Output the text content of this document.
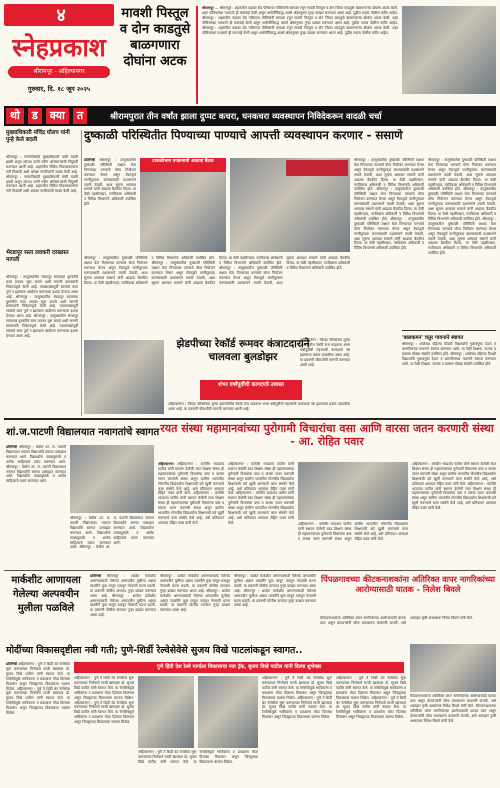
४
स्नेहप्रकाश
श्रीरामपूर - अहिल्यानगर
गुरुवार, दि. १८ जून २०२५
मावशी पिस्तूल व दोन काडतुसे बाळगणारा दोघांना अटक
श्रीरामपूर — श्रीरामपूर : शहरातील वडाळा रोड परिसरात पोलिसांनी सापळा रचून गावठी पिस्तूल व दोन जिवंत काडतुसे बाळगणाऱ्या दोघांना अटक केली. शहर पोलिसांच्या पथकाने ही कारवाई केली असून आरोपींविरुद्ध आर्म्स ॲक्टनुसार गुन्हा दाखल करण्यात आला आहे. पुढील तपास पोलीस करीत आहेत. श्रीरामपूर : शहरातील वडाळा रोड परिसरात पोलिसांनी सापळा रचून गावठी पिस्तूल व दोन जिवंत काडतुसे बाळगणाऱ्या दोघांना अटक केली. शहर पोलिसांच्या पथकाने ही कारवाई केली असून आरोपींविरुद्ध आर्म्स ॲक्टनुसार गुन्हा दाखल करण्यात आला आहे. पुढील तपास पोलीस करीत आहेत. श्रीरामपूर : शहरातील वडाळा रोड परिसरात पोलिसांनी सापळा रचून गावठी पिस्तूल व दोन जिवंत काडतुसे बाळगणाऱ्या दोघांना अटक केली. शहर पोलिसांच्या पथकाने ही कारवाई केली असून आरोपींविरुद्ध आर्म्स ॲक्टनुसार गुन्हा दाखल करण्यात आला आहे. पुढील तपास पोलीस करीत आहेत.
थो	ड	क्या	त	श्रीरामपुरात तीन वर्षांत झाला दुप्पट कचरा, घनकचरा व्यवस्थापन निविदेकरून वादळी चर्चा
मुख्याधिकारी मंचिंद्र घोलप यांनी पुन्हे केले बदली
श्रीरामपूर : नगरपरिषदेचे मुख्याधिकारी यांची बदली झाली असून त्यांच्या जागी नवीन अधिकाऱ्यांची नियुक्ती करण्यात आली आहे. शहरातील विविध विकासकामांना गती मिळावी अशी अपेक्षा नागरिकांनी व्यक्त केली आहे. श्रीरामपूर : नगरपरिषदेचे मुख्याधिकारी यांची बदली झाली असून त्यांच्या जागी नवीन अधिकाऱ्यांची नियुक्ती करण्यात आली आहे. शहरातील विविध विकासकामांना गती मिळावी अशी अपेक्षा नागरिकांनी व्यक्त केली आहे.
भेरडापूर रस्ता लवकरी दरखास्त मागली
श्रीरामपूर : तालुक्यातील भेरडापूर रस्त्याच्या दुरुस्तीचे काम लवकर सुरू करावे अशी मागणी ग्रामस्थांनी निवेदनाद्वारे केली आहे. पावसाळ्यापूर्वी रस्त्याचे काम पूर्ण न झाल्यास आंदोलन करण्याचा इशारा देण्यात आला आहे. श्रीरामपूर : तालुक्यातील भेरडापूर रस्त्याच्या दुरुस्तीचे काम लवकर सुरू करावे अशी मागणी ग्रामस्थांनी निवेदनाद्वारे केली आहे. पावसाळ्यापूर्वी रस्त्याचे काम पूर्ण न झाल्यास आंदोलन करण्याचा इशारा देण्यात आला आहे. श्रीरामपूर : तालुक्यातील भेरडापूर रस्त्याच्या दुरुस्तीचे काम लवकर सुरू करावे अशी मागणी ग्रामस्थांनी निवेदनाद्वारे केली आहे. पावसाळ्यापूर्वी रस्त्याचे काम पूर्ण न झाल्यास आंदोलन करण्याचा इशारा देण्यात आला आहे.
दुष्काळी परिस्थितीत पिण्याच्या पाण्याचे आपत्ती व्यवस्थापन करणार - ससाणे
प्रतिनिधी श्रीरामपूर : तालुक्यातील दुष्काळी परिस्थिती लक्षात घेता पिण्याच्या पाण्याचे योग्य नियोजन करण्यात येणार असून टँकरद्वारे पाणीपुरवठा करण्यासाठी प्रशासनाने तयारी ठेवावी, अशा सूचना आमदार ससाणे यांनी आढावा बैठकीत दिल्या. या वेळी तहसीलदार, गटविकास अधिकारी व विविध विभागांचे अधिकारी उपस्थित होते.
टाकळीभान उपक्रमाची आढावा बैठक	श्रीरामपूर : तालुक्यातील दुष्काळी परिस्थिती लक्षात घेता पिण्याच्या पाण्याचे योग्य नियोजन करण्यात येणार असून टँकरद्वारे पाणीपुरवठा करण्यासाठी प्रशासनाने तयारी ठेवावी, अशा सूचना आमदार ससाणे यांनी आढावा बैठकीत दिल्या. या वेळी तहसीलदार, गटविकास अधिकारी व विविध विभागांचे अधिकारी उपस्थित होते. श्रीरामपूर : तालुक्यातील दुष्काळी परिस्थिती लक्षात घेता पिण्याच्या पाण्याचे योग्य नियोजन करण्यात येणार असून टँकरद्वारे पाणीपुरवठा करण्यासाठी प्रशासनाने तयारी ठेवावी, अशा सूचना आमदार ससाणे यांनी आढावा बैठकीत दिल्या. या वेळी तहसीलदार, गटविकास अधिकारी व विविध विभागांचे अधिकारी उपस्थित होते. श्रीरामपूर : तालुक्यातील दुष्काळी परिस्थिती लक्षात घेता पिण्याच्या पाण्याचे योग्य नियोजन करण्यात येणार असून टँकरद्वारे पाणीपुरवठा करण्यासाठी प्रशासनाने तयारी ठेवावी, अशा सूचना आमदार ससाणे यांनी आढावा बैठकीत दिल्या. या वेळी तहसीलदार, गटविकास अधिकारी व विविध विभागांचे अधिकारी उपस्थित होते.
श्रीरामपूर : तालुक्यातील दुष्काळी परिस्थिती लक्षात घेता पिण्याच्या पाण्याचे योग्य नियोजन करण्यात येणार असून टँकरद्वारे पाणीपुरवठा करण्यासाठी प्रशासनाने तयारी ठेवावी, अशा सूचना आमदार ससाणे यांनी आढावा बैठकीत दिल्या. या वेळी तहसीलदार, गटविकास अधिकारी व विविध विभागांचे अधिकारी उपस्थित होते. श्रीरामपूर : तालुक्यातील दुष्काळी परिस्थिती लक्षात घेता पिण्याच्या पाण्याचे योग्य नियोजन करण्यात येणार असून टँकरद्वारे पाणीपुरवठा करण्यासाठी प्रशासनाने तयारी ठेवावी, अशा सूचना आमदार ससाणे यांनी आढावा बैठकीत दिल्या. या वेळी तहसीलदार, गटविकास अधिकारी व विविध विभागांचे अधिकारी उपस्थित होते. श्रीरामपूर : तालुक्यातील दुष्काळी परिस्थिती लक्षात घेता पिण्याच्या पाण्याचे योग्य नियोजन करण्यात येणार असून टँकरद्वारे पाणीपुरवठा करण्यासाठी प्रशासनाने तयारी ठेवावी, अशा सूचना आमदार ससाणे यांनी आढावा बैठकीत दिल्या. या वेळी तहसीलदार, गटविकास अधिकारी व विविध विभागांचे अधिकारी उपस्थित होते.
श्रीरामपूर : तालुक्यातील दुष्काळी परिस्थिती लक्षात घेता पिण्याच्या पाण्याचे योग्य नियोजन करण्यात येणार असून टँकरद्वारे पाणीपुरवठा करण्यासाठी प्रशासनाने तयारी ठेवावी, अशा सूचना आमदार ससाणे यांनी आढावा बैठकीत दिल्या. या वेळी तहसीलदार, गटविकास अधिकारी व विविध विभागांचे अधिकारी उपस्थित होते. श्रीरामपूर : तालुक्यातील दुष्काळी परिस्थिती लक्षात घेता पिण्याच्या पाण्याचे योग्य नियोजन करण्यात येणार असून टँकरद्वारे पाणीपुरवठा करण्यासाठी प्रशासनाने तयारी ठेवावी, अशा सूचना आमदार ससाणे यांनी आढावा बैठकीत दिल्या. या वेळी तहसीलदार, गटविकास अधिकारी व विविध विभागांचे अधिकारी उपस्थित होते. श्रीरामपूर : तालुक्यातील दुष्काळी परिस्थिती लक्षात घेता पिण्याच्या पाण्याचे योग्य नियोजन करण्यात येणार असून टँकरद्वारे पाणीपुरवठा करण्यासाठी प्रशासनाने तयारी ठेवावी, अशा सूचना आमदार ससाणे यांनी आढावा बैठकीत दिल्या. या वेळी तहसीलदार, गटविकास अधिकारी व विविध विभागांचे अधिकारी उपस्थित होते.
झेडपीच्या रेकॉर्ड रूमवर कंत्राटदाराने चालवला बुलडोझर
शंभर वर्षांपूर्वीची कागदपत्रे उध्वस्त
अहिल्यानगर : जिल्हा परिषदेच्या जुन्या इमारतीतील रेकॉर्ड रूम पाडताना शंभर वर्षांपूर्वीची महत्त्वाची कागदपत्रे नष्ट झाल्याचा प्रकार उघडकीस आला आहे. या प्रकरणी चौकशीची मागणी करण्यात आली आहे.
अहिल्यानगर : जिल्हा परिषदेच्या जुन्या इमारतीतील रेकॉर्ड रूम पाडताना शंभर वर्षांपूर्वीची महत्त्वाची कागदपत्रे नष्ट झाल्याचा प्रकार उघडकीस आला आहे. या प्रकरणी चौकशीची मागणी करण्यात आली आहे.
'बालकमन' चतुर गायनाने स्वागत
श्रीरामपूर : शाळेच्या पहिल्या दिवशी विद्यार्थ्यांचे गुलाबपुष्प देऊन व बालगीतांच्या गायनाने स्वागत करण्यात आले. या वेळी शिक्षक, पालक व ग्रामस्थ मोठ्या संख्येने उपस्थित होते. श्रीरामपूर : शाळेच्या पहिल्या दिवशी विद्यार्थ्यांचे गुलाबपुष्प देऊन व बालगीतांच्या गायनाने स्वागत करण्यात आले. या वेळी शिक्षक, पालक व ग्रामस्थ मोठ्या संख्येने उपस्थित होते.
शां.ज.पाटणी विद्यालयात नवागतांचे स्वागत
प्रतिनिधी श्रीरामपूर : येथील शां. ज. पाटणी विद्यालयात नवागत विद्यार्थ्यांचे स्वागत उत्साहात करण्यात आले. विद्यार्थ्यांना पाठ्यपुस्तके व शालेय साहित्याचे वाटप करण्यात आले. श्रीरामपूर : येथील शां. ज. पाटणी विद्यालयात नवागत विद्यार्थ्यांचे स्वागत उत्साहात करण्यात आले. विद्यार्थ्यांना पाठ्यपुस्तके व शालेय साहित्याचे वाटप करण्यात आले.
श्रीरामपूर : येथील शां. ज. पाटणी विद्यालयात नवागत विद्यार्थ्यांचे स्वागत उत्साहात करण्यात आले. विद्यार्थ्यांना पाठ्यपुस्तके व शालेय साहित्याचे वाटप करण्यात आले. श्रीरामपूर : येथील शां. ज. पाटणी विद्यालयात नवागत विद्यार्थ्यांचे स्वागत उत्साहात करण्यात आले. विद्यार्थ्यांना पाठ्यपुस्तके व शालेय साहित्याचे वाटप करण्यात आले.
रयत संस्था महामानवांच्या पुरोगामी विचारांचा वसा आणि वारसा जतन करणारी संस्था - आ. रोहित पवार
अहिल्यानगर अहिल्यानगर : कर्मवीर भाऊराव पाटील यांनी स्थापन केलेली रयत शिक्षण संस्था ही महामानवांच्या पुरोगामी विचारांचा वसा व वारसा जतन करणारी संस्था असून ग्रामीण भागातील गोरगरीब विद्यार्थ्यांना शिक्षणाची दारे खुली करण्याचे काम संस्थेने केले आहे, असे प्रतिपादन आमदार रोहित पवार यांनी केले. अहिल्यानगर : कर्मवीर भाऊराव पाटील यांनी स्थापन केलेली रयत शिक्षण संस्था ही महामानवांच्या पुरोगामी विचारांचा वसा व वारसा जतन करणारी संस्था असून ग्रामीण भागातील गोरगरीब विद्यार्थ्यांना शिक्षणाची दारे खुली करण्याचे काम संस्थेने केले आहे, असे प्रतिपादन आमदार रोहित पवार यांनी केले.
अहिल्यानगर : कर्मवीर भाऊराव पाटील यांनी स्थापन केलेली रयत शिक्षण संस्था ही महामानवांच्या पुरोगामी विचारांचा वसा व वारसा जतन करणारी संस्था असून ग्रामीण भागातील गोरगरीब विद्यार्थ्यांना शिक्षणाची दारे खुली करण्याचे काम संस्थेने केले आहे, असे प्रतिपादन आमदार रोहित पवार यांनी केले. अहिल्यानगर : कर्मवीर भाऊराव पाटील यांनी स्थापन केलेली रयत शिक्षण संस्था ही महामानवांच्या पुरोगामी विचारांचा वसा व वारसा जतन करणारी संस्था असून ग्रामीण भागातील गोरगरीब विद्यार्थ्यांना शिक्षणाची दारे खुली करण्याचे काम संस्थेने केले आहे, असे प्रतिपादन आमदार रोहित पवार यांनी केले.	अहिल्यानगर : कर्मवीर भाऊराव पाटील यांनी स्थापन केलेली रयत शिक्षण संस्था ही महामानवांच्या पुरोगामी विचारांचा वसा व वारसा जतन करणारी संस्था असून ग्रामीण भागातील गोरगरीब विद्यार्थ्यांना शिक्षणाची दारे खुली करण्याचे काम संस्थेने केले आहे, असे प्रतिपादन आमदार रोहित पवार यांनी केले.
अहिल्यानगर : कर्मवीर भाऊराव पाटील यांनी स्थापन केलेली रयत शिक्षण संस्था ही महामानवांच्या पुरोगामी विचारांचा वसा व वारसा जतन करणारी संस्था असून ग्रामीण भागातील गोरगरीब विद्यार्थ्यांना शिक्षणाची दारे खुली करण्याचे काम संस्थेने केले आहे, असे प्रतिपादन आमदार रोहित पवार यांनी केले. अहिल्यानगर : कर्मवीर भाऊराव पाटील यांनी स्थापन केलेली रयत शिक्षण संस्था ही महामानवांच्या पुरोगामी विचारांचा वसा व वारसा जतन करणारी संस्था असून ग्रामीण भागातील गोरगरीब विद्यार्थ्यांना शिक्षणाची दारे खुली करण्याचे काम संस्थेने केले आहे, असे प्रतिपादन आमदार रोहित पवार यांनी केले.
मार्कशीट आणायला गेलेल्या अल्पवयीन मुलीला पळविले
प्रतिनिधी श्रीरामपूर : शाळेत मार्कशीट आणण्यासाठी गेलेल्या अल्पवयीन मुलीला अज्ञात व्यक्तीने फूस लावून पळवून नेल्याची घटना घडली. या प्रकरणी पोलीस ठाण्यात गुन्हा दाखल करण्यात आला आहे. श्रीरामपूर : शाळेत मार्कशीट आणण्यासाठी गेलेल्या अल्पवयीन मुलीला अज्ञात व्यक्तीने फूस लावून पळवून नेल्याची घटना घडली. या प्रकरणी पोलीस ठाण्यात गुन्हा दाखल करण्यात आला आहे.
श्रीरामपूर : शाळेत मार्कशीट आणण्यासाठी गेलेल्या अल्पवयीन मुलीला अज्ञात व्यक्तीने फूस लावून पळवून नेल्याची घटना घडली. या प्रकरणी पोलीस ठाण्यात गुन्हा दाखल करण्यात आला आहे. श्रीरामपूर : शाळेत मार्कशीट आणण्यासाठी गेलेल्या अल्पवयीन मुलीला अज्ञात व्यक्तीने फूस लावून पळवून नेल्याची घटना घडली. या प्रकरणी पोलीस ठाण्यात गुन्हा दाखल करण्यात आला आहे.
श्रीरामपूर : शाळेत मार्कशीट आणण्यासाठी गेलेल्या अल्पवयीन मुलीला अज्ञात व्यक्तीने फूस लावून पळवून नेल्याची घटना घडली. या प्रकरणी पोलीस ठाण्यात गुन्हा दाखल करण्यात आला आहे. श्रीरामपूर : शाळेत मार्कशीट आणण्यासाठी गेलेल्या अल्पवयीन मुलीला अज्ञात व्यक्तीने फूस लावून पळवून नेल्याची घटना घडली. या प्रकरणी पोलीस ठाण्यात गुन्हा दाखल करण्यात आला आहे.
पिंपळगावच्या कीटकनाशकांना अतिरिक्त वापर नागरिकांच्या आरोग्यासाठी घातक - निलेश बिवले
कीटकनाशकांचा अतिरिक्त वापर नागरिकांच्या आरोग्यासाठी घातक ठरत असून शेतकऱ्यांनी योग्य प्रमाणातच फवारणी करावी, असे आवाहन कृषी अभ्यासक निलेश बिवले यांनी केले.
मोदींच्या विकासदृष्टीला नवी गती; पुणे-शिर्डी रेल्वेसेवेसे सुजय विखे पाटलांकडून स्वागत..
पुणे हिंदी देश रेल्वे मार्गाला विकासाचा नवा ट्रॅक, सुजय विखे पाटील यांनी दिल्या शुभेच्छा
प्रतिनिधी अहिल्यानगर : पुणे ते शिर्डी थेट रेल्वेसेवा सुरू करण्याच्या निर्णयाचे माजी खासदार डॉ. सुजय विखे पाटील यांनी स्वागत केले. या रेल्वेसेवेमुळे भाविकांना व प्रवाशांना मोठा दिलासा मिळणार असून जिल्ह्याच्या विकासाला चालना मिळेल. अहिल्यानगर : पुणे ते शिर्डी थेट रेल्वेसेवा सुरू करण्याच्या निर्णयाचे माजी खासदार डॉ. सुजय विखे पाटील यांनी स्वागत केले. या रेल्वेसेवेमुळे भाविकांना व प्रवाशांना मोठा दिलासा मिळणार असून जिल्ह्याच्या विकासाला चालना मिळेल.
अहिल्यानगर : पुणे ते शिर्डी थेट रेल्वेसेवा सुरू करण्याच्या निर्णयाचे माजी खासदार डॉ. सुजय विखे पाटील यांनी स्वागत केले. या रेल्वेसेवेमुळे भाविकांना व प्रवाशांना मोठा दिलासा मिळणार असून जिल्ह्याच्या विकासाला चालना मिळेल. अहिल्यानगर : पुणे ते शिर्डी थेट रेल्वेसेवा सुरू करण्याच्या निर्णयाचे माजी खासदार डॉ. सुजय विखे पाटील यांनी स्वागत केले. या रेल्वेसेवेमुळे भाविकांना व प्रवाशांना मोठा दिलासा मिळणार असून जिल्ह्याच्या विकासाला चालना मिळेल.
अहिल्यानगर : पुणे ते शिर्डी थेट रेल्वेसेवा सुरू करण्याच्या निर्णयाचे माजी खासदार डॉ. सुजय विखे पाटील यांनी स्वागत केले. या रेल्वेसेवेमुळे भाविकांना व प्रवाशांना मोठा दिलासा मिळणार असून जिल्ह्याच्या विकासाला चालना मिळेल.
अहिल्यानगर : पुणे ते शिर्डी थेट रेल्वेसेवा सुरू करण्याच्या निर्णयाचे माजी खासदार डॉ. सुजय विखे पाटील यांनी स्वागत केले. या रेल्वेसेवेमुळे भाविकांना व प्रवाशांना मोठा दिलासा मिळणार असून जिल्ह्याच्या विकासाला चालना मिळेल. अहिल्यानगर : पुणे ते शिर्डी थेट रेल्वेसेवा सुरू करण्याच्या निर्णयाचे माजी खासदार डॉ. सुजय विखे पाटील यांनी स्वागत केले. या रेल्वेसेवेमुळे भाविकांना व प्रवाशांना मोठा दिलासा मिळणार असून जिल्ह्याच्या विकासाला चालना मिळेल.
अहिल्यानगर : पुणे ते शिर्डी थेट रेल्वेसेवा सुरू करण्याच्या निर्णयाचे माजी खासदार डॉ. सुजय विखे पाटील यांनी स्वागत केले. या रेल्वेसेवेमुळे भाविकांना व प्रवाशांना मोठा दिलासा मिळणार असून जिल्ह्याच्या विकासाला चालना मिळेल. अहिल्यानगर : पुणे ते शिर्डी थेट रेल्वेसेवा सुरू करण्याच्या निर्णयाचे माजी खासदार डॉ. सुजय विखे पाटील यांनी स्वागत केले. या रेल्वेसेवेमुळे भाविकांना व प्रवाशांना मोठा दिलासा मिळणार असून जिल्ह्याच्या विकासाला चालना मिळेल.
कीटकनाशकांचा अतिरिक्त वापर नागरिकांच्या आरोग्यासाठी घातक ठरत असून शेतकऱ्यांनी योग्य प्रमाणातच फवारणी करावी, असे आवाहन कृषी अभ्यासक निलेश बिवले यांनी केले. कीटकनाशकांचा अतिरिक्त वापर नागरिकांच्या आरोग्यासाठी घातक ठरत असून शेतकऱ्यांनी योग्य प्रमाणातच फवारणी करावी, असे आवाहन कृषी अभ्यासक निलेश बिवले यांनी केले.
